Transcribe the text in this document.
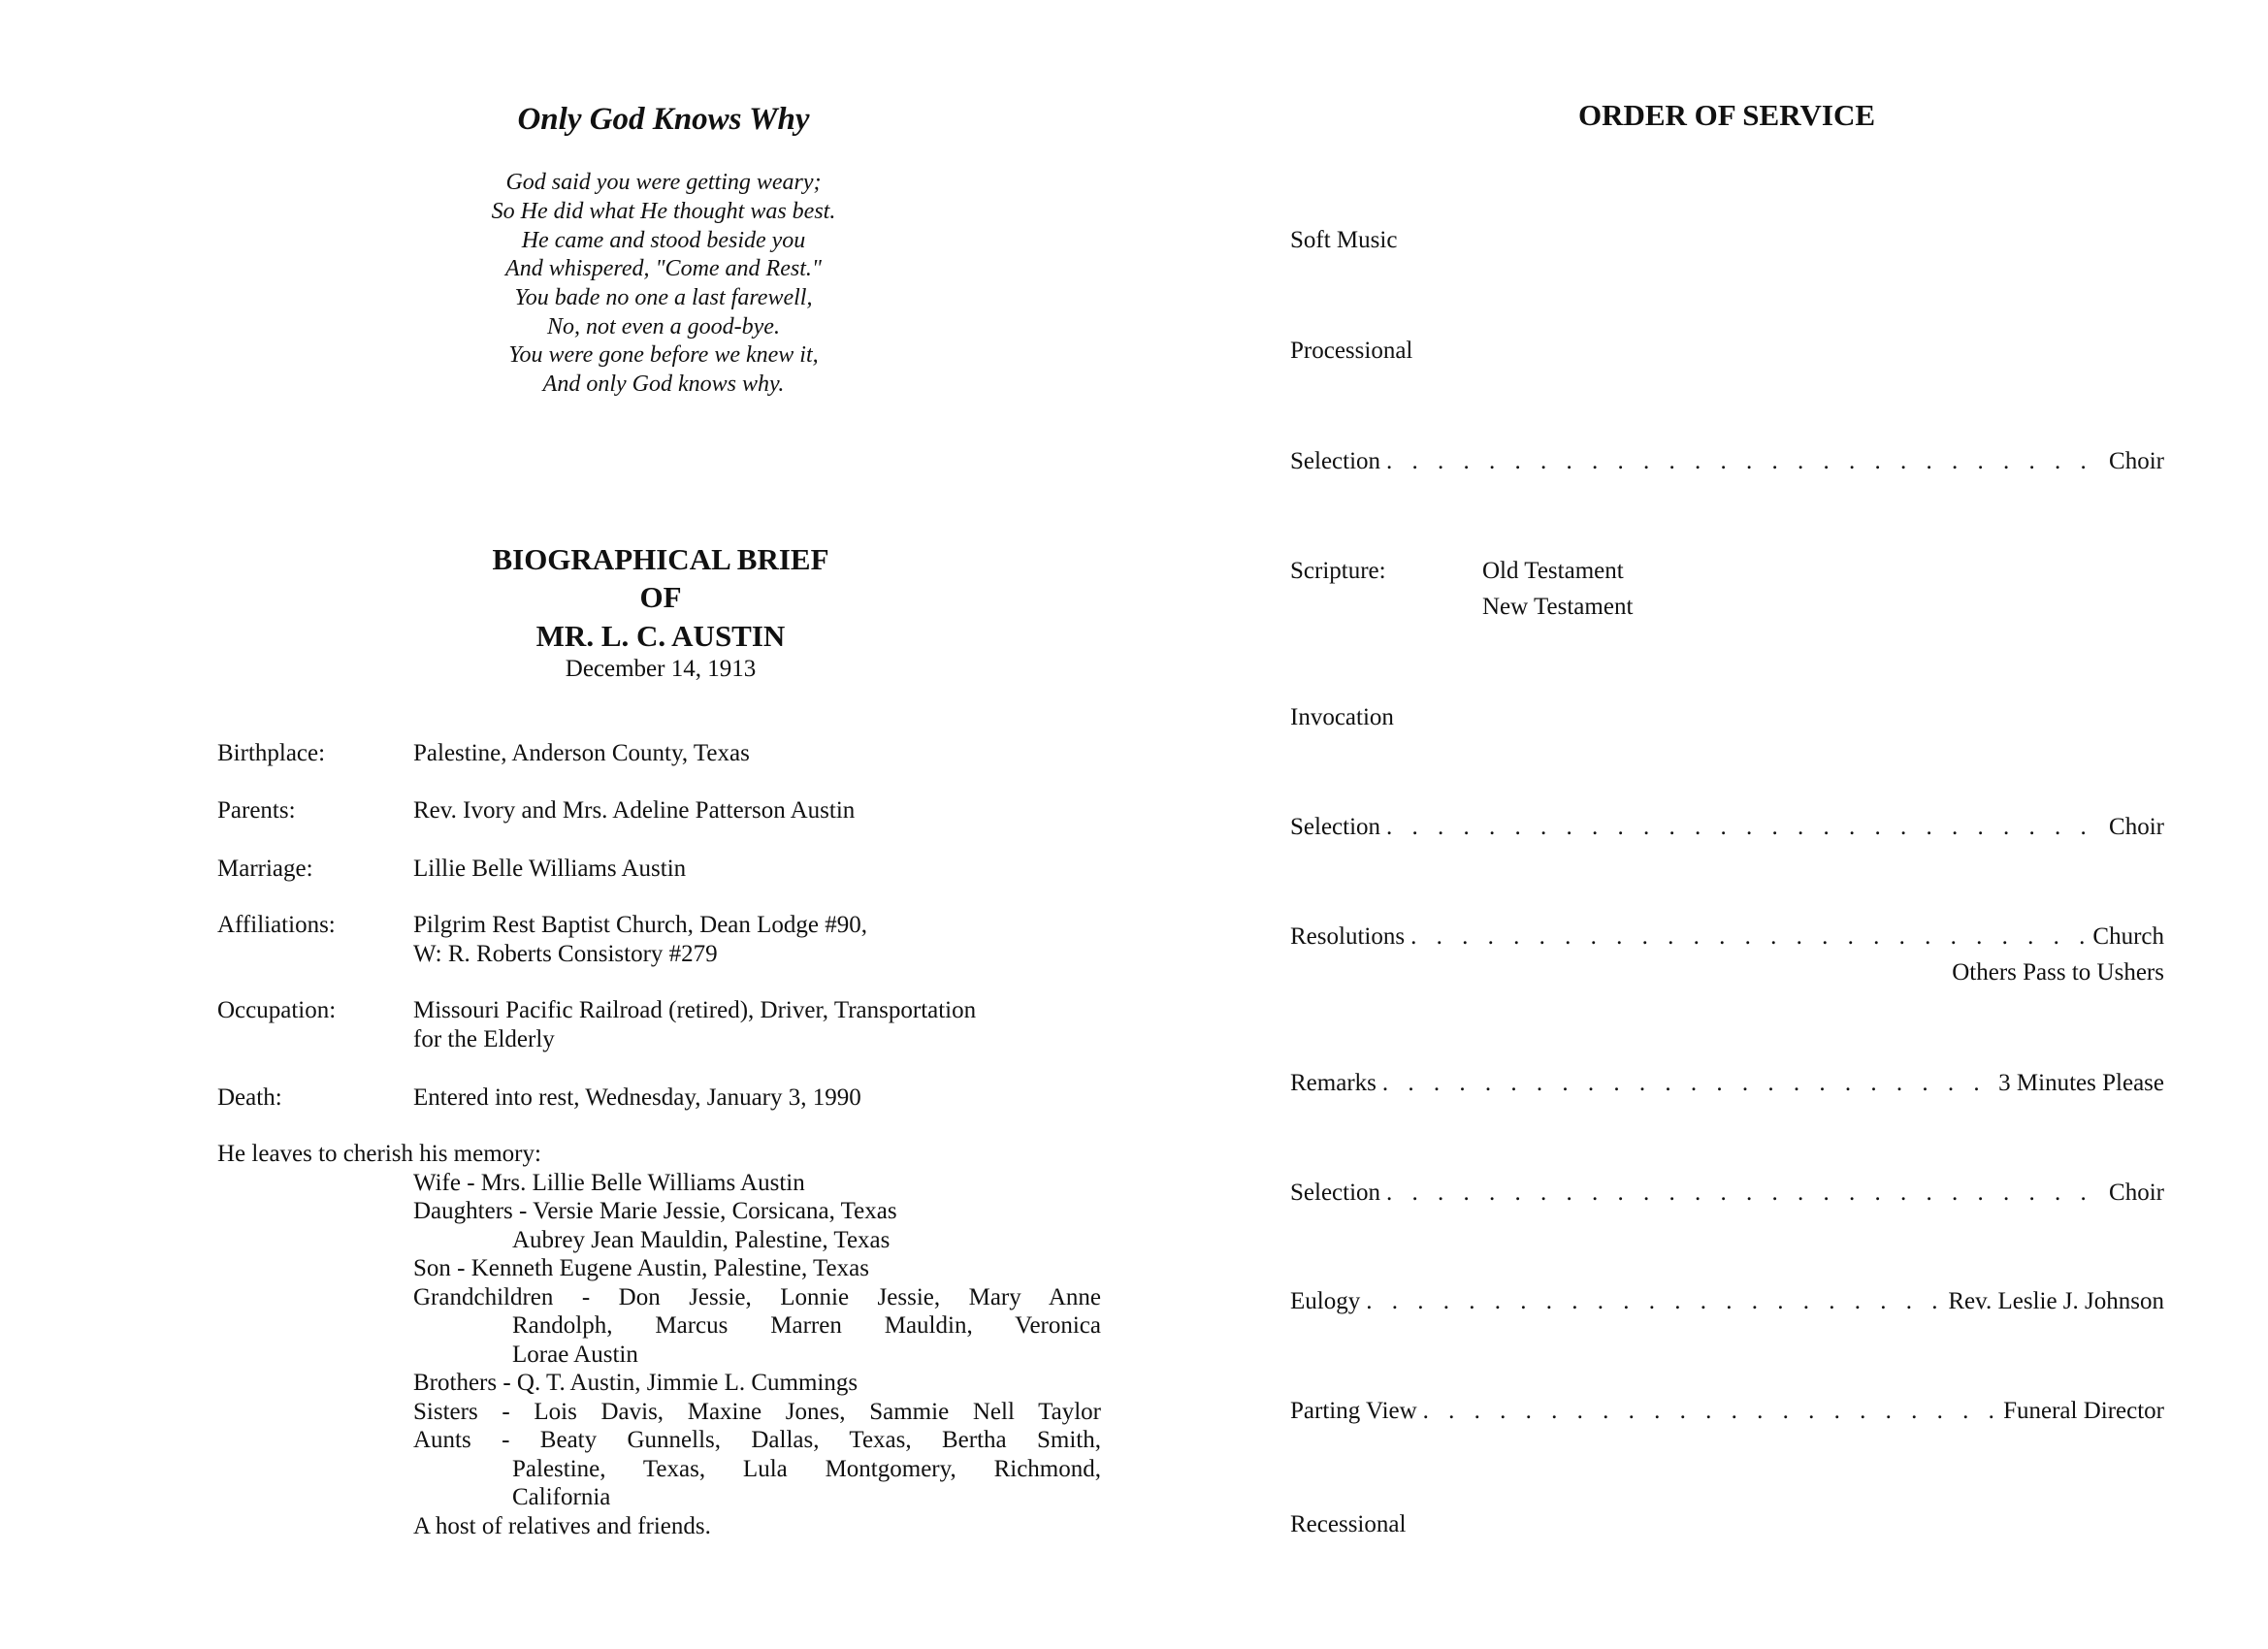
Only God Knows Why
God said you were getting weary;
So He did what He thought was best.
He came and stood beside you
And whispered, "Come and Rest."
You bade no one a last farewell,
No, not even a good-bye.
You were gone before we knew it,
And only God knows why.
BIOGRAPHICAL BRIEF
OF
MR. L. C. AUSTIN
December 14, 1913
Birthplace:	Palestine, Anderson County, Texas
Parents:	Rev. Ivory and Mrs. Adeline Patterson Austin
Marriage:	Lillie Belle Williams Austin
Affiliations:	Pilgrim Rest Baptist Church, Dean Lodge #90,
W: R. Roberts Consistory #279
Occupation:	Missouri Pacific Railroad (retired), Driver, Transportation
for the Elderly
Death:	Entered into rest, Wednesday, January 3, 1990
He leaves to cherish his memory:
Wife - Mrs. Lillie Belle Williams Austin
Daughters - Versie Marie Jessie, Corsicana, Texas
Aubrey Jean Mauldin, Palestine, Texas
Son - Kenneth Eugene Austin, Palestine, Texas
Grandchildren - Don Jessie, Lonnie Jessie, Mary Anne
Randolph, Marcus Marren Mauldin, Veronica
Lorae Austin
Brothers - Q. T. Austin, Jimmie L. Cummings
Sisters - Lois Davis, Maxine Jones, Sammie Nell Taylor
Aunts - Beaty Gunnells, Dallas, Texas, Bertha Smith,
Palestine, Texas, Lula Montgomery, Richmond,
California
A host of relatives and friends.
ORDER OF SERVICE
Soft Music
Processional
Selection . . .	Choir
Scripture:	Old Testament
New Testament
Invocation
Selection . . .	Choir
Resolutions . . .	Church
Others Pass to Ushers
Remarks . . .	3 Minutes Please
Selection . . .	Choir
Eulogy . . .	Rev. Leslie J. Johnson
Parting View . . .	Funeral Director
Recessional
